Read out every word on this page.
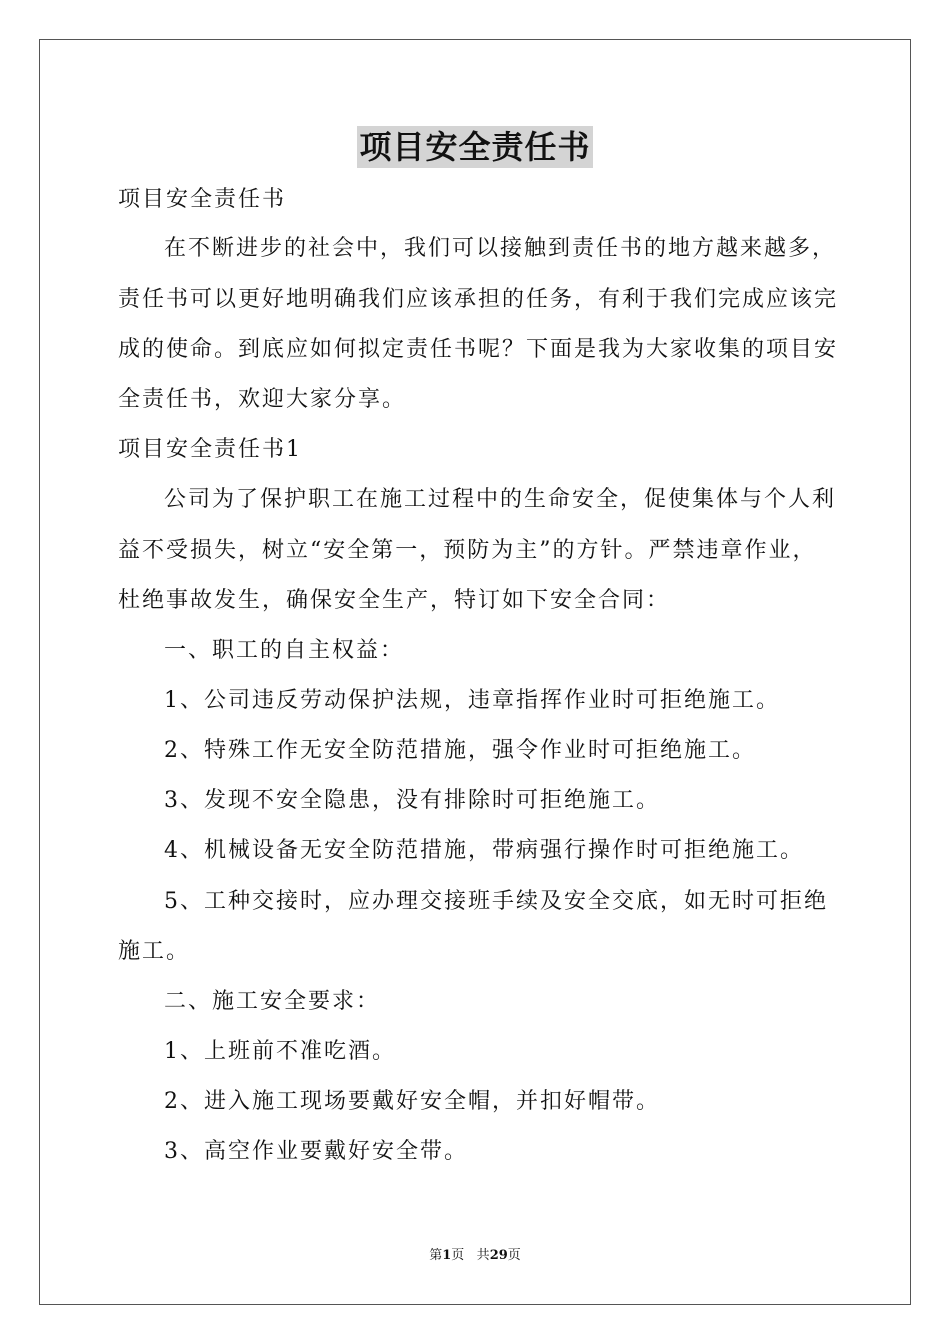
项目安全责任书
项目安全责任书
在不断进步的社会中，我们可以接触到责任书的地方越来越多，
责任书可以更好地明确我们应该承担的任务，有利于我们完成应该完
成的使命。到底应如何拟定责任书呢？下面是我为大家收集的项目安
全责任书，欢迎大家分享。
项目安全责任书1
公司为了保护职工在施工过程中的生命安全，促使集体与个人利
益不受损失，树立“安全第一，预防为主”的方针。严禁违章作业，
杜绝事故发生，确保安全生产，特订如下安全合同：
一、职工的自主权益：
1、公司违反劳动保护法规，违章指挥作业时可拒绝施工。
2、特殊工作无安全防范措施，强令作业时可拒绝施工。
3、发现不安全隐患，没有排除时可拒绝施工。
4、机械设备无安全防范措施，带病强行操作时可拒绝施工。
5、工种交接时，应办理交接班手续及安全交底，如无时可拒绝
施工。
二、施工安全要求：
1、上班前不准吃酒。
2、进入施工现场要戴好安全帽，并扣好帽带。
3、高空作业要戴好安全带。
第1页 共29页
